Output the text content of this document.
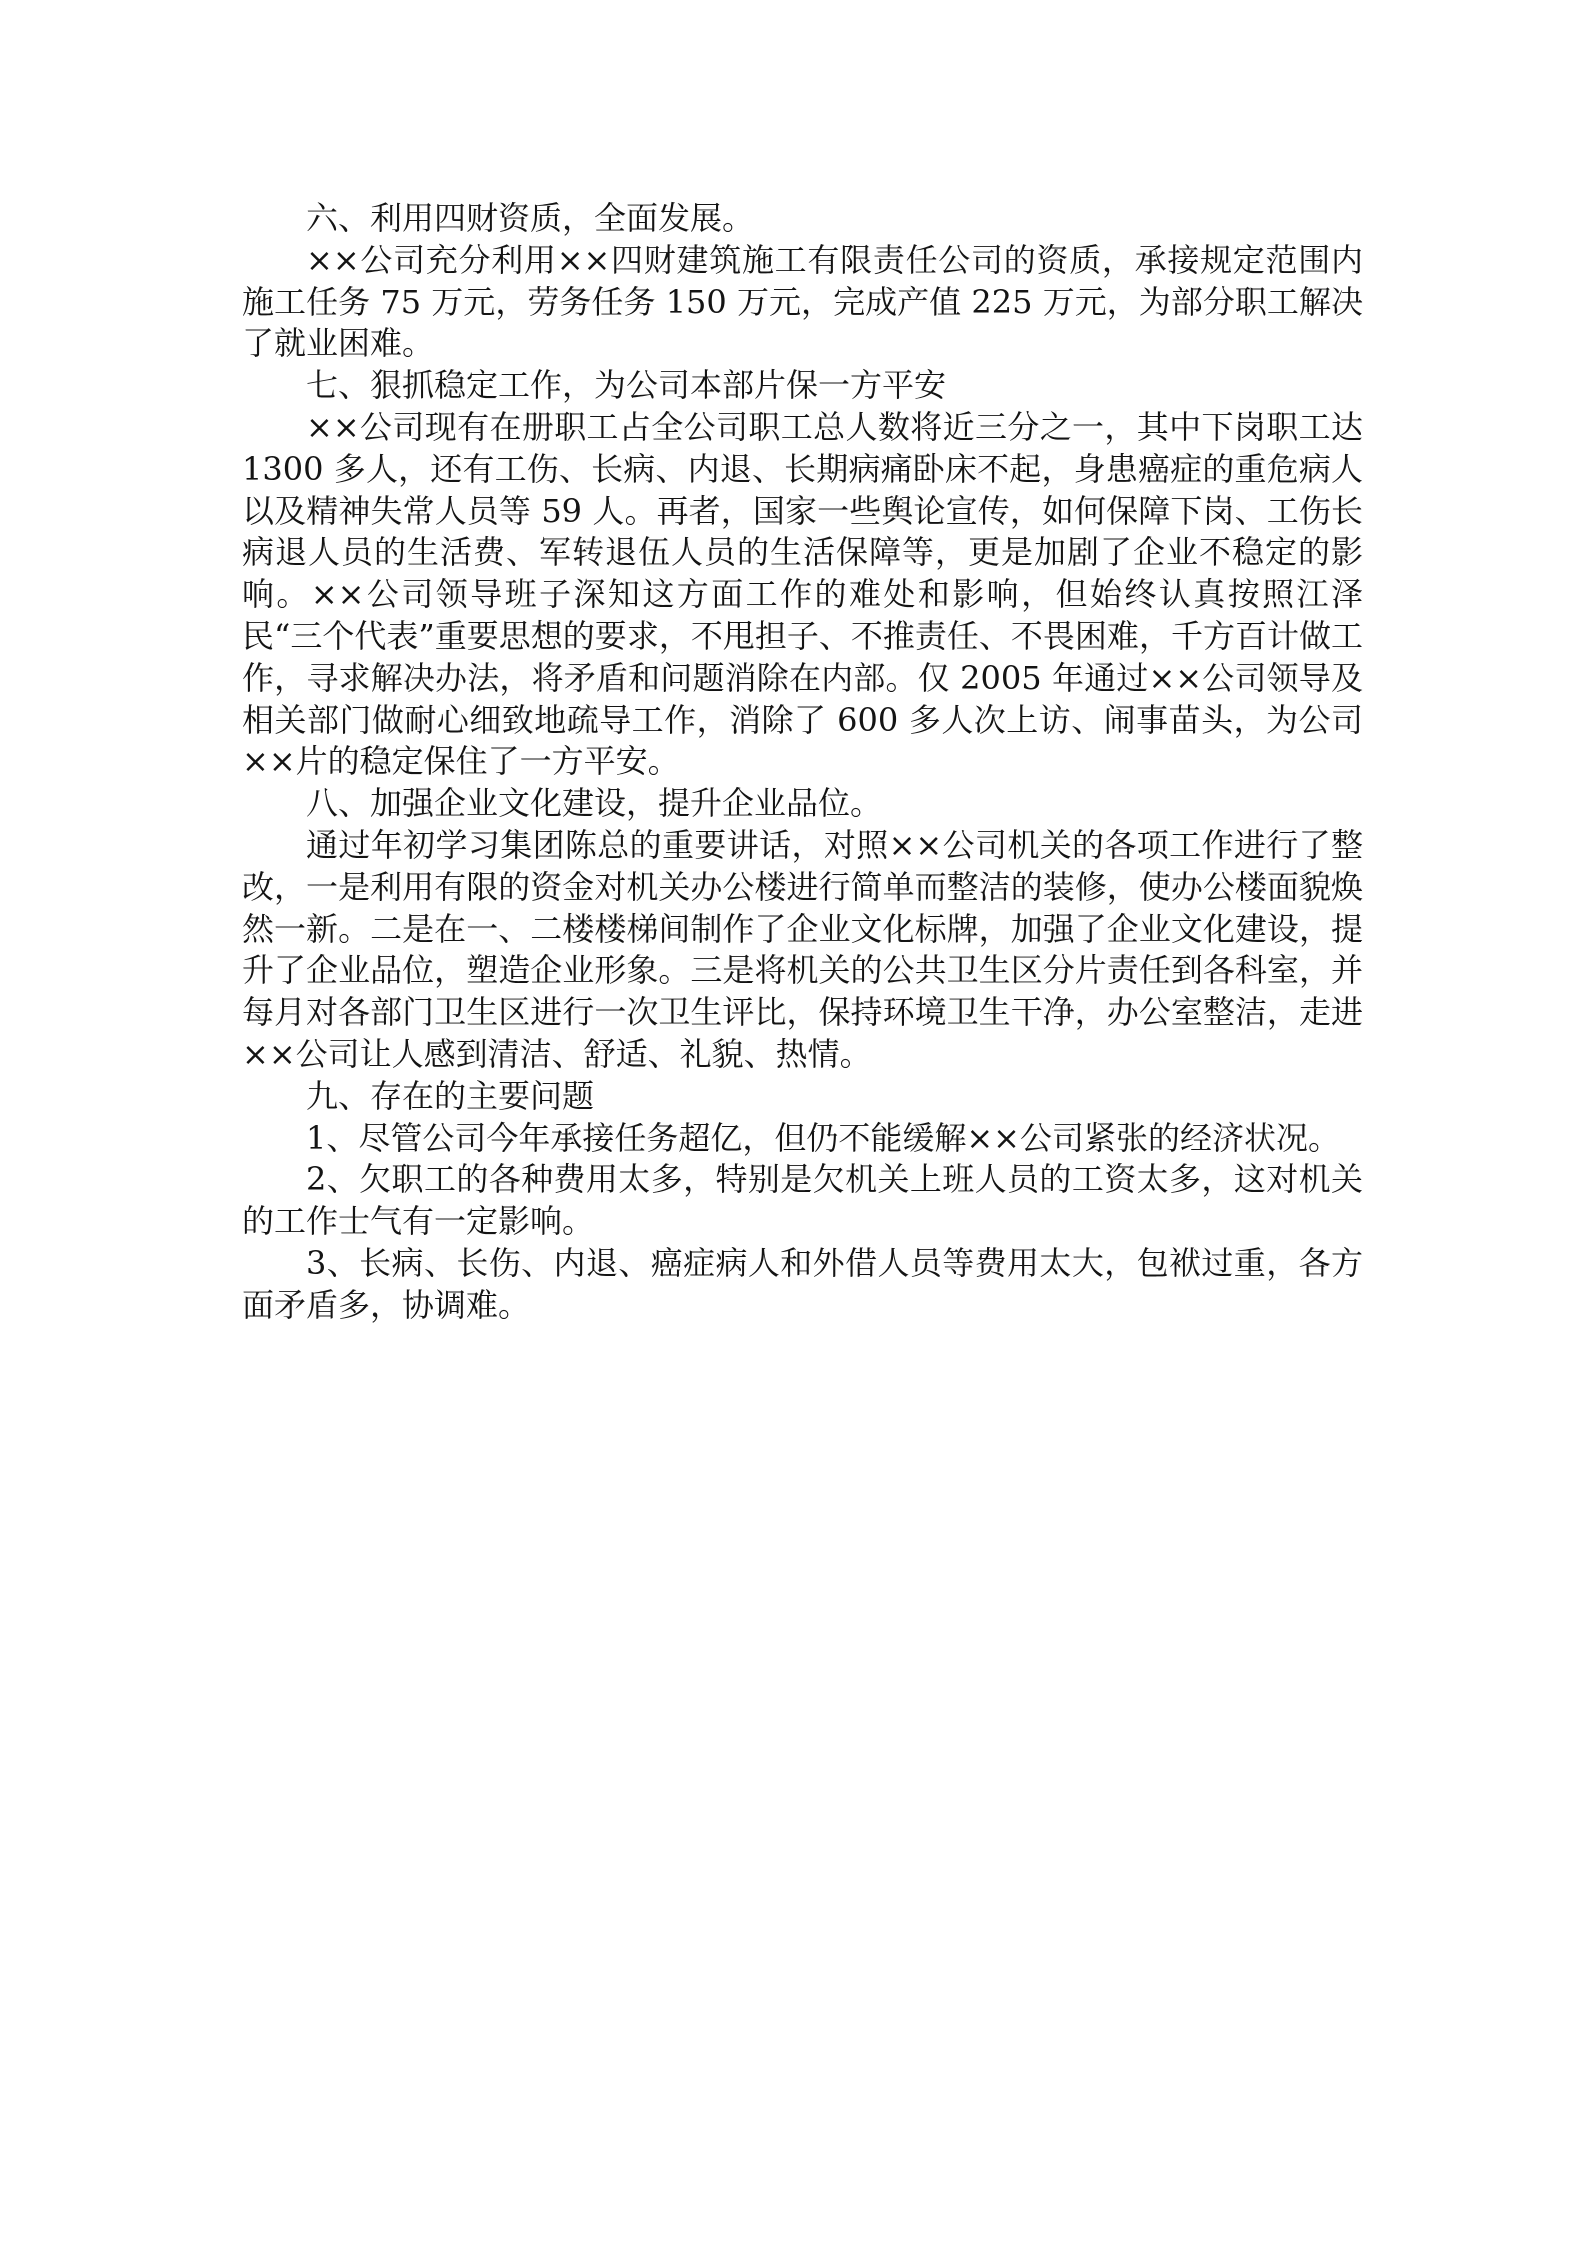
六、利用四财资质，全面发展。

××公司充分利用××四财建筑施工有限责任公司的资质，承接规定范围内施工任务 75 万元，劳务任务 150 万元，完成产值 225 万元，为部分职工解决了就业困难。

七、狠抓稳定工作，为公司本部片保一方平安

××公司现有在册职工占全公司职工总人数将近三分之一，其中下岗职工达 1300 多人，还有工伤、长病、内退、长期病痛卧床不起，身患癌症的重危病人以及精神失常人员等 59 人。再者，国家一些舆论宣传，如何保障下岗、工伤长病退人员的生活费、军转退伍人员的生活保障等，更是加剧了企业不稳定的影响。××公司领导班子深知这方面工作的难处和影响，但始终认真按照江泽民“三个代表”重要思想的要求，不甩担子、不推责任、不畏困难，千方百计做工作，寻求解决办法，将矛盾和问题消除在内部。仅 2005 年通过××公司领导及相关部门做耐心细致地疏导工作，消除了 600 多人次上访、闹事苗头，为公司××片的稳定保住了一方平安。

八、加强企业文化建设，提升企业品位。

通过年初学习集团陈总的重要讲话，对照××公司机关的各项工作进行了整改，一是利用有限的资金对机关办公楼进行简单而整洁的装修，使办公楼面貌焕然一新。二是在一、二楼楼梯间制作了企业文化标牌，加强了企业文化建设，提升了企业品位，塑造企业形象。三是将机关的公共卫生区分片责任到各科室，并每月对各部门卫生区进行一次卫生评比，保持环境卫生干净，办公室整洁，走进××公司让人感到清洁、舒适、礼貌、热情。

九、存在的主要问题

1、尽管公司今年承接任务超亿，但仍不能缓解××公司紧张的经济状况。

2、欠职工的各种费用太多，特别是欠机关上班人员的工资太多，这对机关的工作士气有一定影响。

3、长病、长伤、内退、癌症病人和外借人员等费用太大，包袱过重，各方面矛盾多，协调难。
